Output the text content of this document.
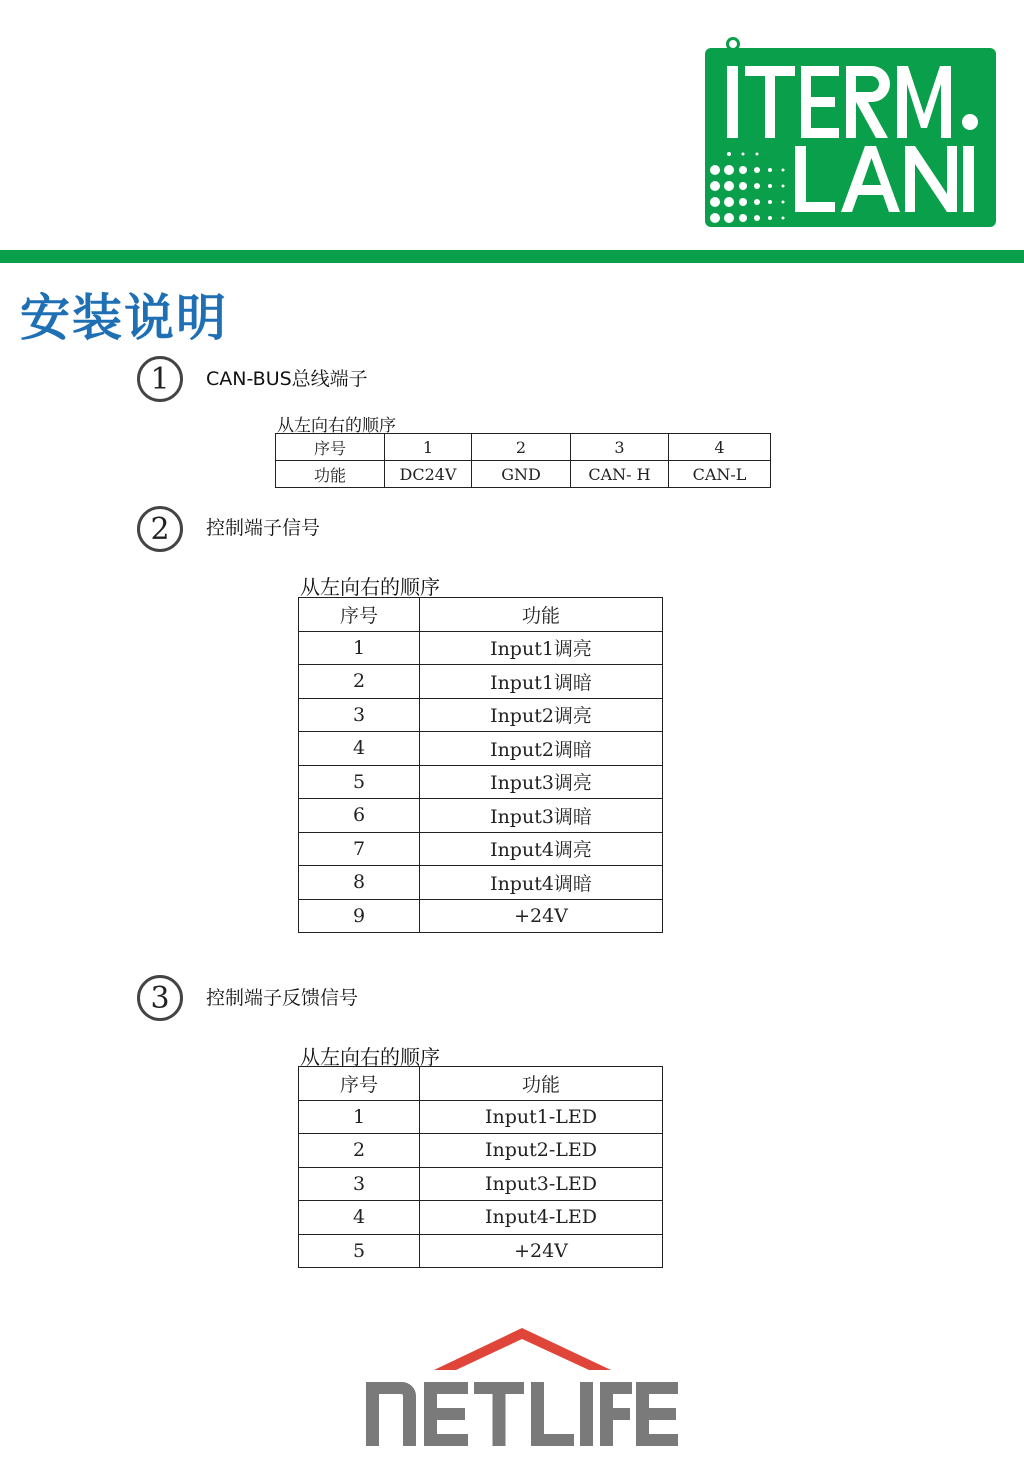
安装说明
1	CAN-BUS总线端子
从左向右的顺序
序号	1	2	3	4
功能	DC24V	GND	CAN- H	CAN-L
2	控制端子信号
从左向右的顺序
序号	功能
1	Input1调亮
2	Input1调暗
3	Input2调亮
4	Input2调暗
5	Input3调亮
6	Input3调暗
7	Input4调亮
8	Input4调暗
9	+24V
3	控制端子反馈信号
从左向右的顺序
序号	功能
1	Input1-LED
2	Input2-LED
3	Input3-LED
4	Input4-LED
5	+24V
